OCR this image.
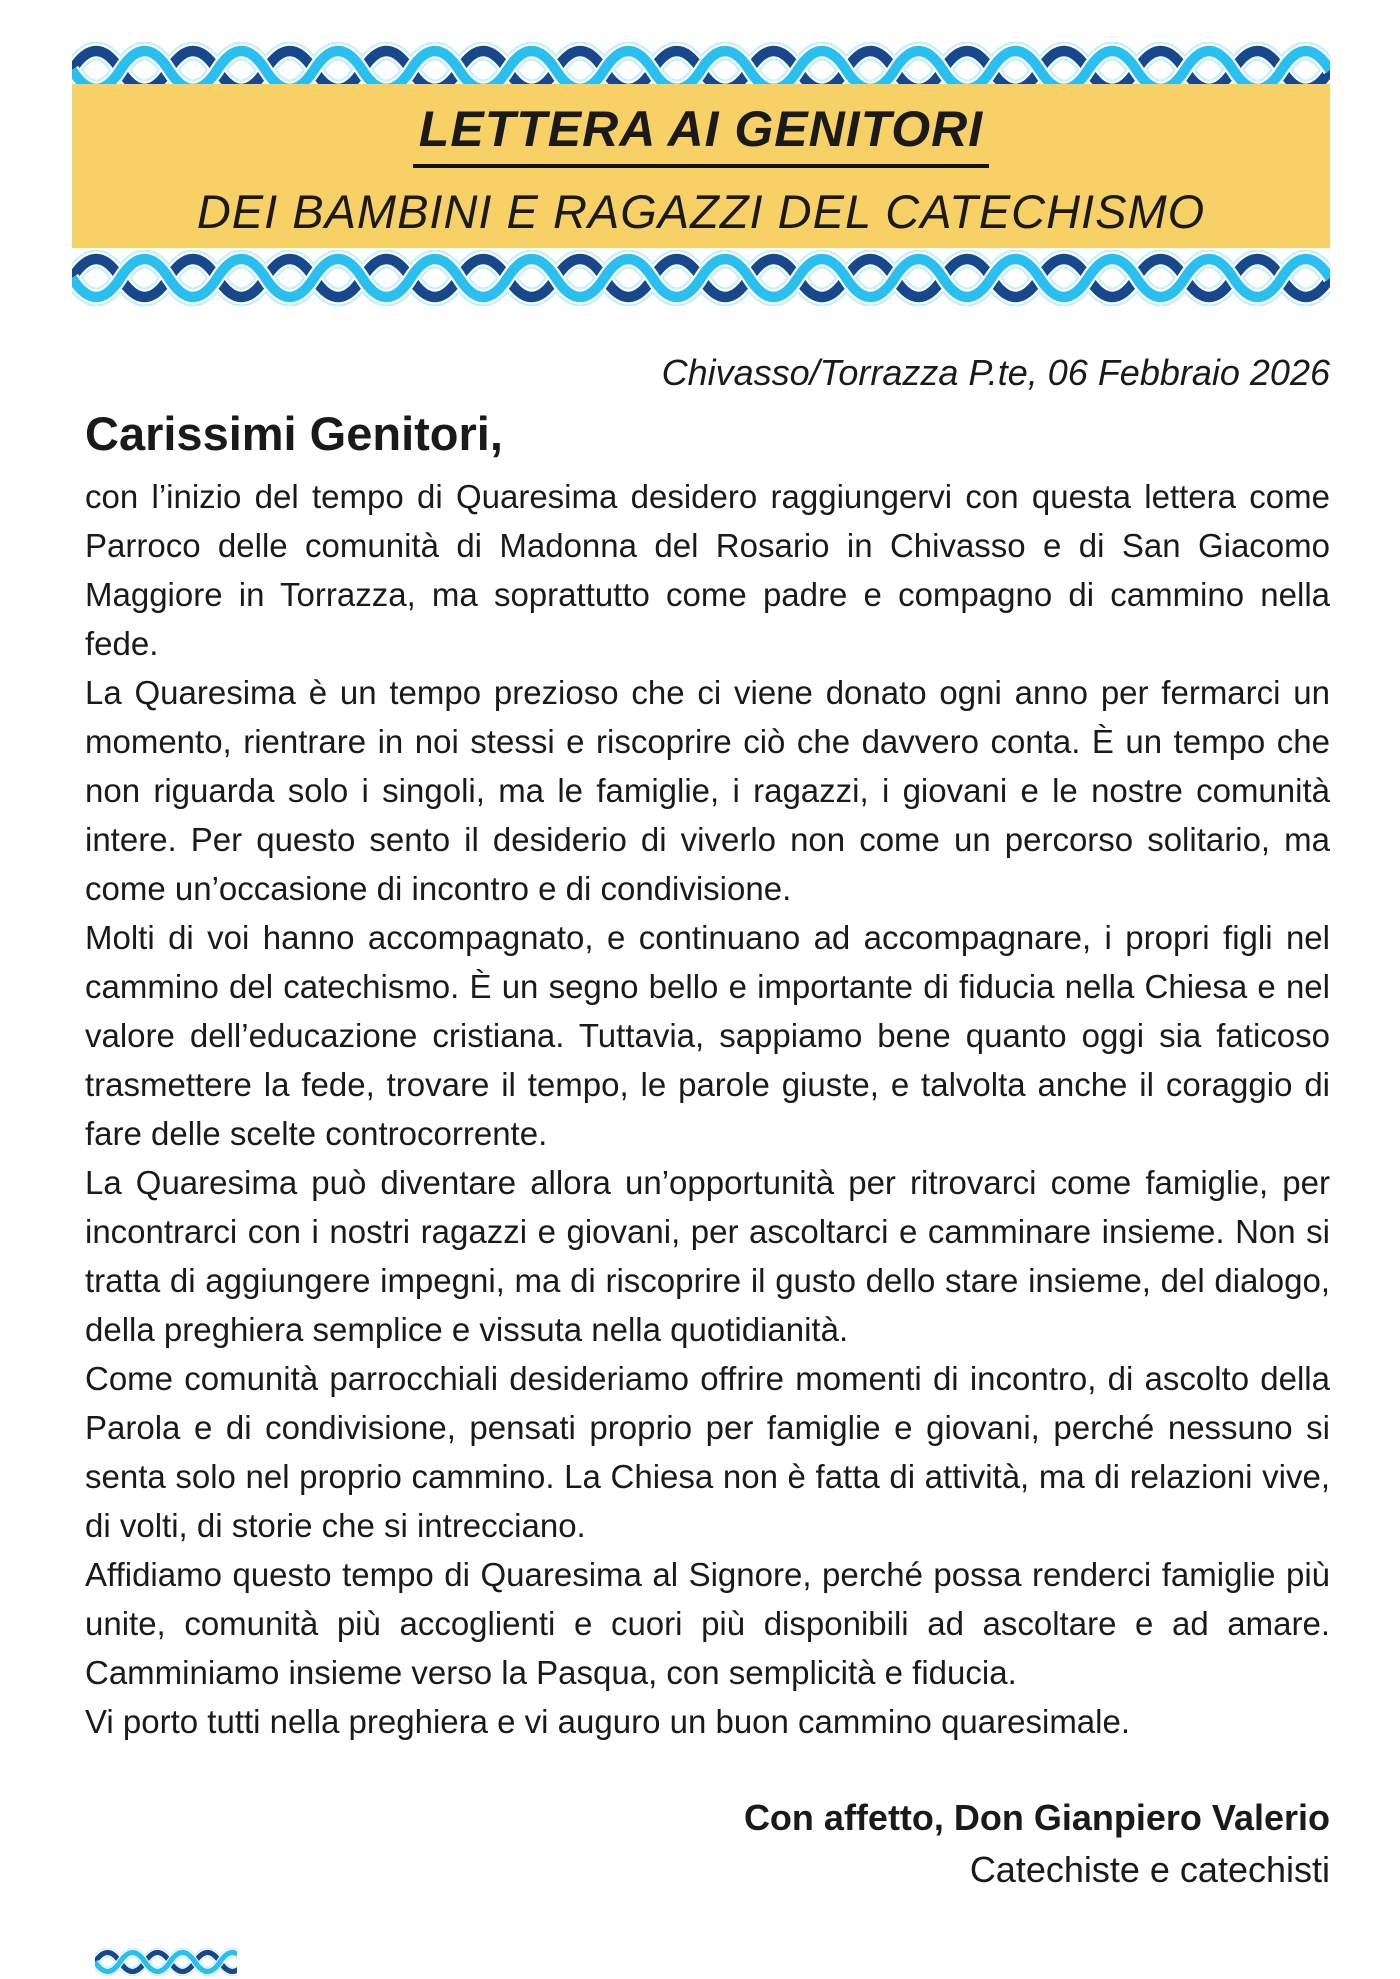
LETTERA AI GENITORI
DEI BAMBINI E RAGAZZI DEL CATECHISMO
Chivasso/Torrazza P.te, 06 Febbraio 2026
Carissimi Genitori,

con l’inizio del tempo di Quaresima desidero raggiungervi con questa lettera come Parroco delle comunità di Madonna del Rosario in Chivasso e di San Giacomo Maggiore in Torrazza, ma soprattutto come padre e compagno di cammino nella fede.

La Quaresima è un tempo prezioso che ci viene donato ogni anno per fermarci un momento, rientrare in noi stessi e riscoprire ciò che davvero conta. È un tempo che non riguarda solo i singoli, ma le famiglie, i ragazzi, i giovani e le nostre comunità intere. Per questo sento il desiderio di viverlo non come un percorso solitario, ma come un’occasione di incontro e di condivisione.

Molti di voi hanno accompagnato, e continuano ad accompagnare, i propri figli nel cammino del catechismo. È un segno bello e importante di fiducia nella Chiesa e nel valore dell’educazione cristiana. Tuttavia, sappiamo bene quanto oggi sia faticoso trasmettere la fede, trovare il tempo, le parole giuste, e talvolta anche il coraggio di fare delle scelte controcorrente.

La Quaresima può diventare allora un’opportunità per ritrovarci come famiglie, per incontrarci con i nostri ragazzi e giovani, per ascoltarci e camminare insieme. Non si tratta di aggiungere impegni, ma di riscoprire il gusto dello stare insieme, del dialogo, della preghiera semplice e vissuta nella quotidianità.

Come comunità parrocchiali desideriamo offrire momenti di incontro, di ascolto della Parola e di condivisione, pensati proprio per famiglie e giovani, perché nessuno si senta solo nel proprio cammino. La Chiesa non è fatta di attività, ma di relazioni vive, di volti, di storie che si intrecciano.

Affidiamo questo tempo di Quaresima al Signore, perché possa renderci famiglie più unite, comunità più accoglienti e cuori più disponibili ad ascoltare e ad amare. Camminiamo insieme verso la Pasqua, con semplicità e fiducia.

Vi porto tutti nella preghiera e vi auguro un buon cammino quaresimale.

Con affetto, Don Gianpiero Valerio
Catechiste e catechisti
